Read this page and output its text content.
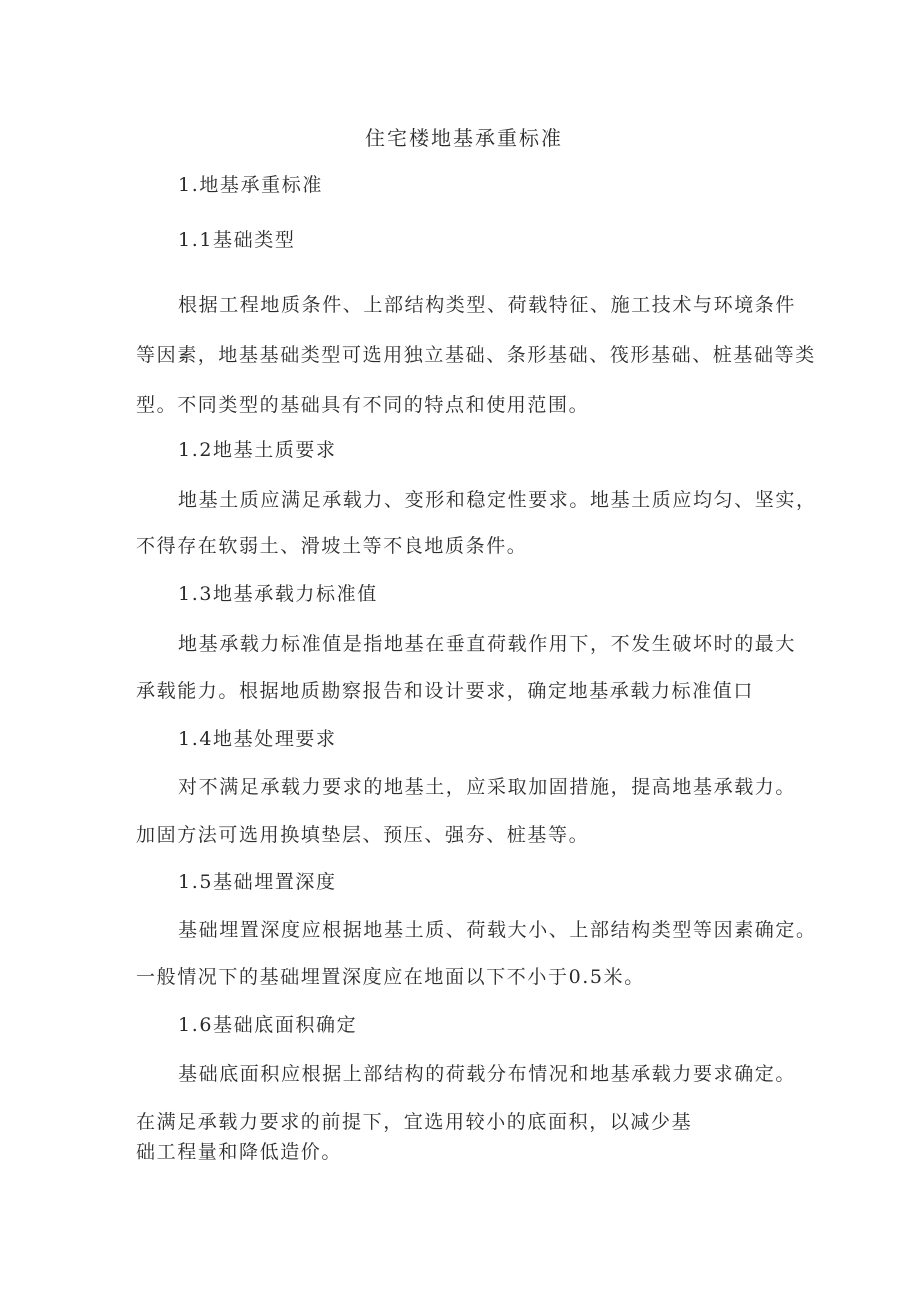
住宅楼地基承重标准

1.地基承重标准

1.1基础类型

根据工程地质条件、上部结构类型、荷载特征、施工技术与环境条件

等因素，地基基础类型可选用独立基础、条形基础、筏形基础、桩基础等类

型。不同类型的基础具有不同的特点和使用范围。

1.2地基土质要求

地基土质应满足承载力、变形和稳定性要求。地基土质应均匀、坚实，

不得存在软弱土、滑坡土等不良地质条件。

1.3地基承载力标准值

地基承载力标准值是指地基在垂直荷载作用下，不发生破坏时的最大

承载能力。根据地质勘察报告和设计要求，确定地基承载力标准值口

1.4地基处理要求

对不满足承载力要求的地基土，应采取加固措施，提高地基承载力。

加固方法可选用换填垫层、预压、强夯、桩基等。

1.5基础埋置深度

基础埋置深度应根据地基土质、荷载大小、上部结构类型等因素确定。

一般情况下的基础埋置深度应在地面以下不小于0.5米。

1.6基础底面积确定

基础底面积应根据上部结构的荷载分布情况和地基承载力要求确定。

在满足承载力要求的前提下，宜选用较小的底面积，以减少基

础工程量和降低造价。
